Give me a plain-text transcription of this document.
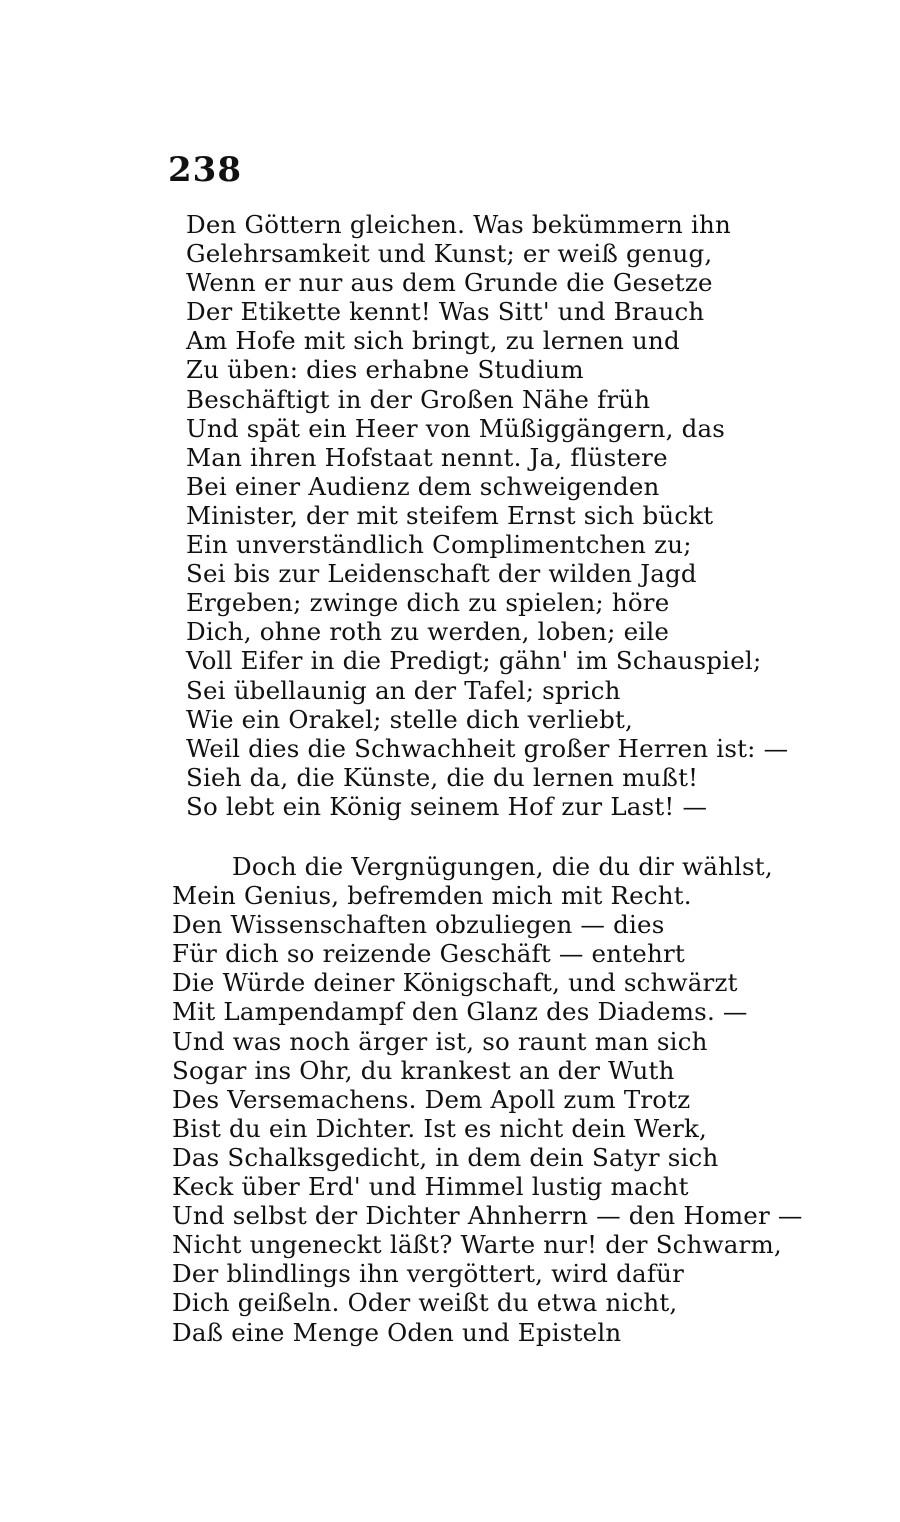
238
Den Göttern gleichen. Was bekümmern ihn
Gelehrsamkeit und Kunst; er weiß genug,
Wenn er nur aus dem Grunde die Gesetze
Der Etikette kennt! Was Sitt' und Brauch
Am Hofe mit sich bringt, zu lernen und
Zu üben: dies erhabne Studium
Beschäftigt in der Großen Nähe früh
Und spät ein Heer von Müßiggängern, das
Man ihren Hofstaat nennt. Ja, flüstere
Bei einer Audienz dem schweigenden
Minister, der mit steifem Ernst sich bückt
Ein unverständlich Complimentchen zu;
Sei bis zur Leidenschaft der wilden Jagd
Ergeben; zwinge dich zu spielen; höre
Dich, ohne roth zu werden, loben; eile
Voll Eifer in die Predigt; gähn' im Schauspiel;
Sei übellaunig an der Tafel; sprich
Wie ein Orakel; stelle dich verliebt,
Weil dies die Schwachheit großer Herren ist: —
Sieh da, die Künste, die du lernen mußt!
So lebt ein König seinem Hof zur Last! —
Doch die Vergnügungen, die du dir wählst,
Mein Genius, befremden mich mit Recht.
Den Wissenschaften obzuliegen — dies
Für dich so reizende Geschäft — entehrt
Die Würde deiner Königschaft, und schwärzt
Mit Lampendampf den Glanz des Diadems. —
Und was noch ärger ist, so raunt man sich
Sogar ins Ohr, du krankest an der Wuth
Des Versemachens. Dem Apoll zum Trotz
Bist du ein Dichter. Ist es nicht dein Werk,
Das Schalksgedicht, in dem dein Satyr sich
Keck über Erd' und Himmel lustig macht
Und selbst der Dichter Ahnherrn — den Homer —
Nicht ungeneckt läßt? Warte nur! der Schwarm,
Der blindlings ihn vergöttert, wird dafür
Dich geißeln. Oder weißt du etwa nicht,
Daß eine Menge Oden und Episteln
